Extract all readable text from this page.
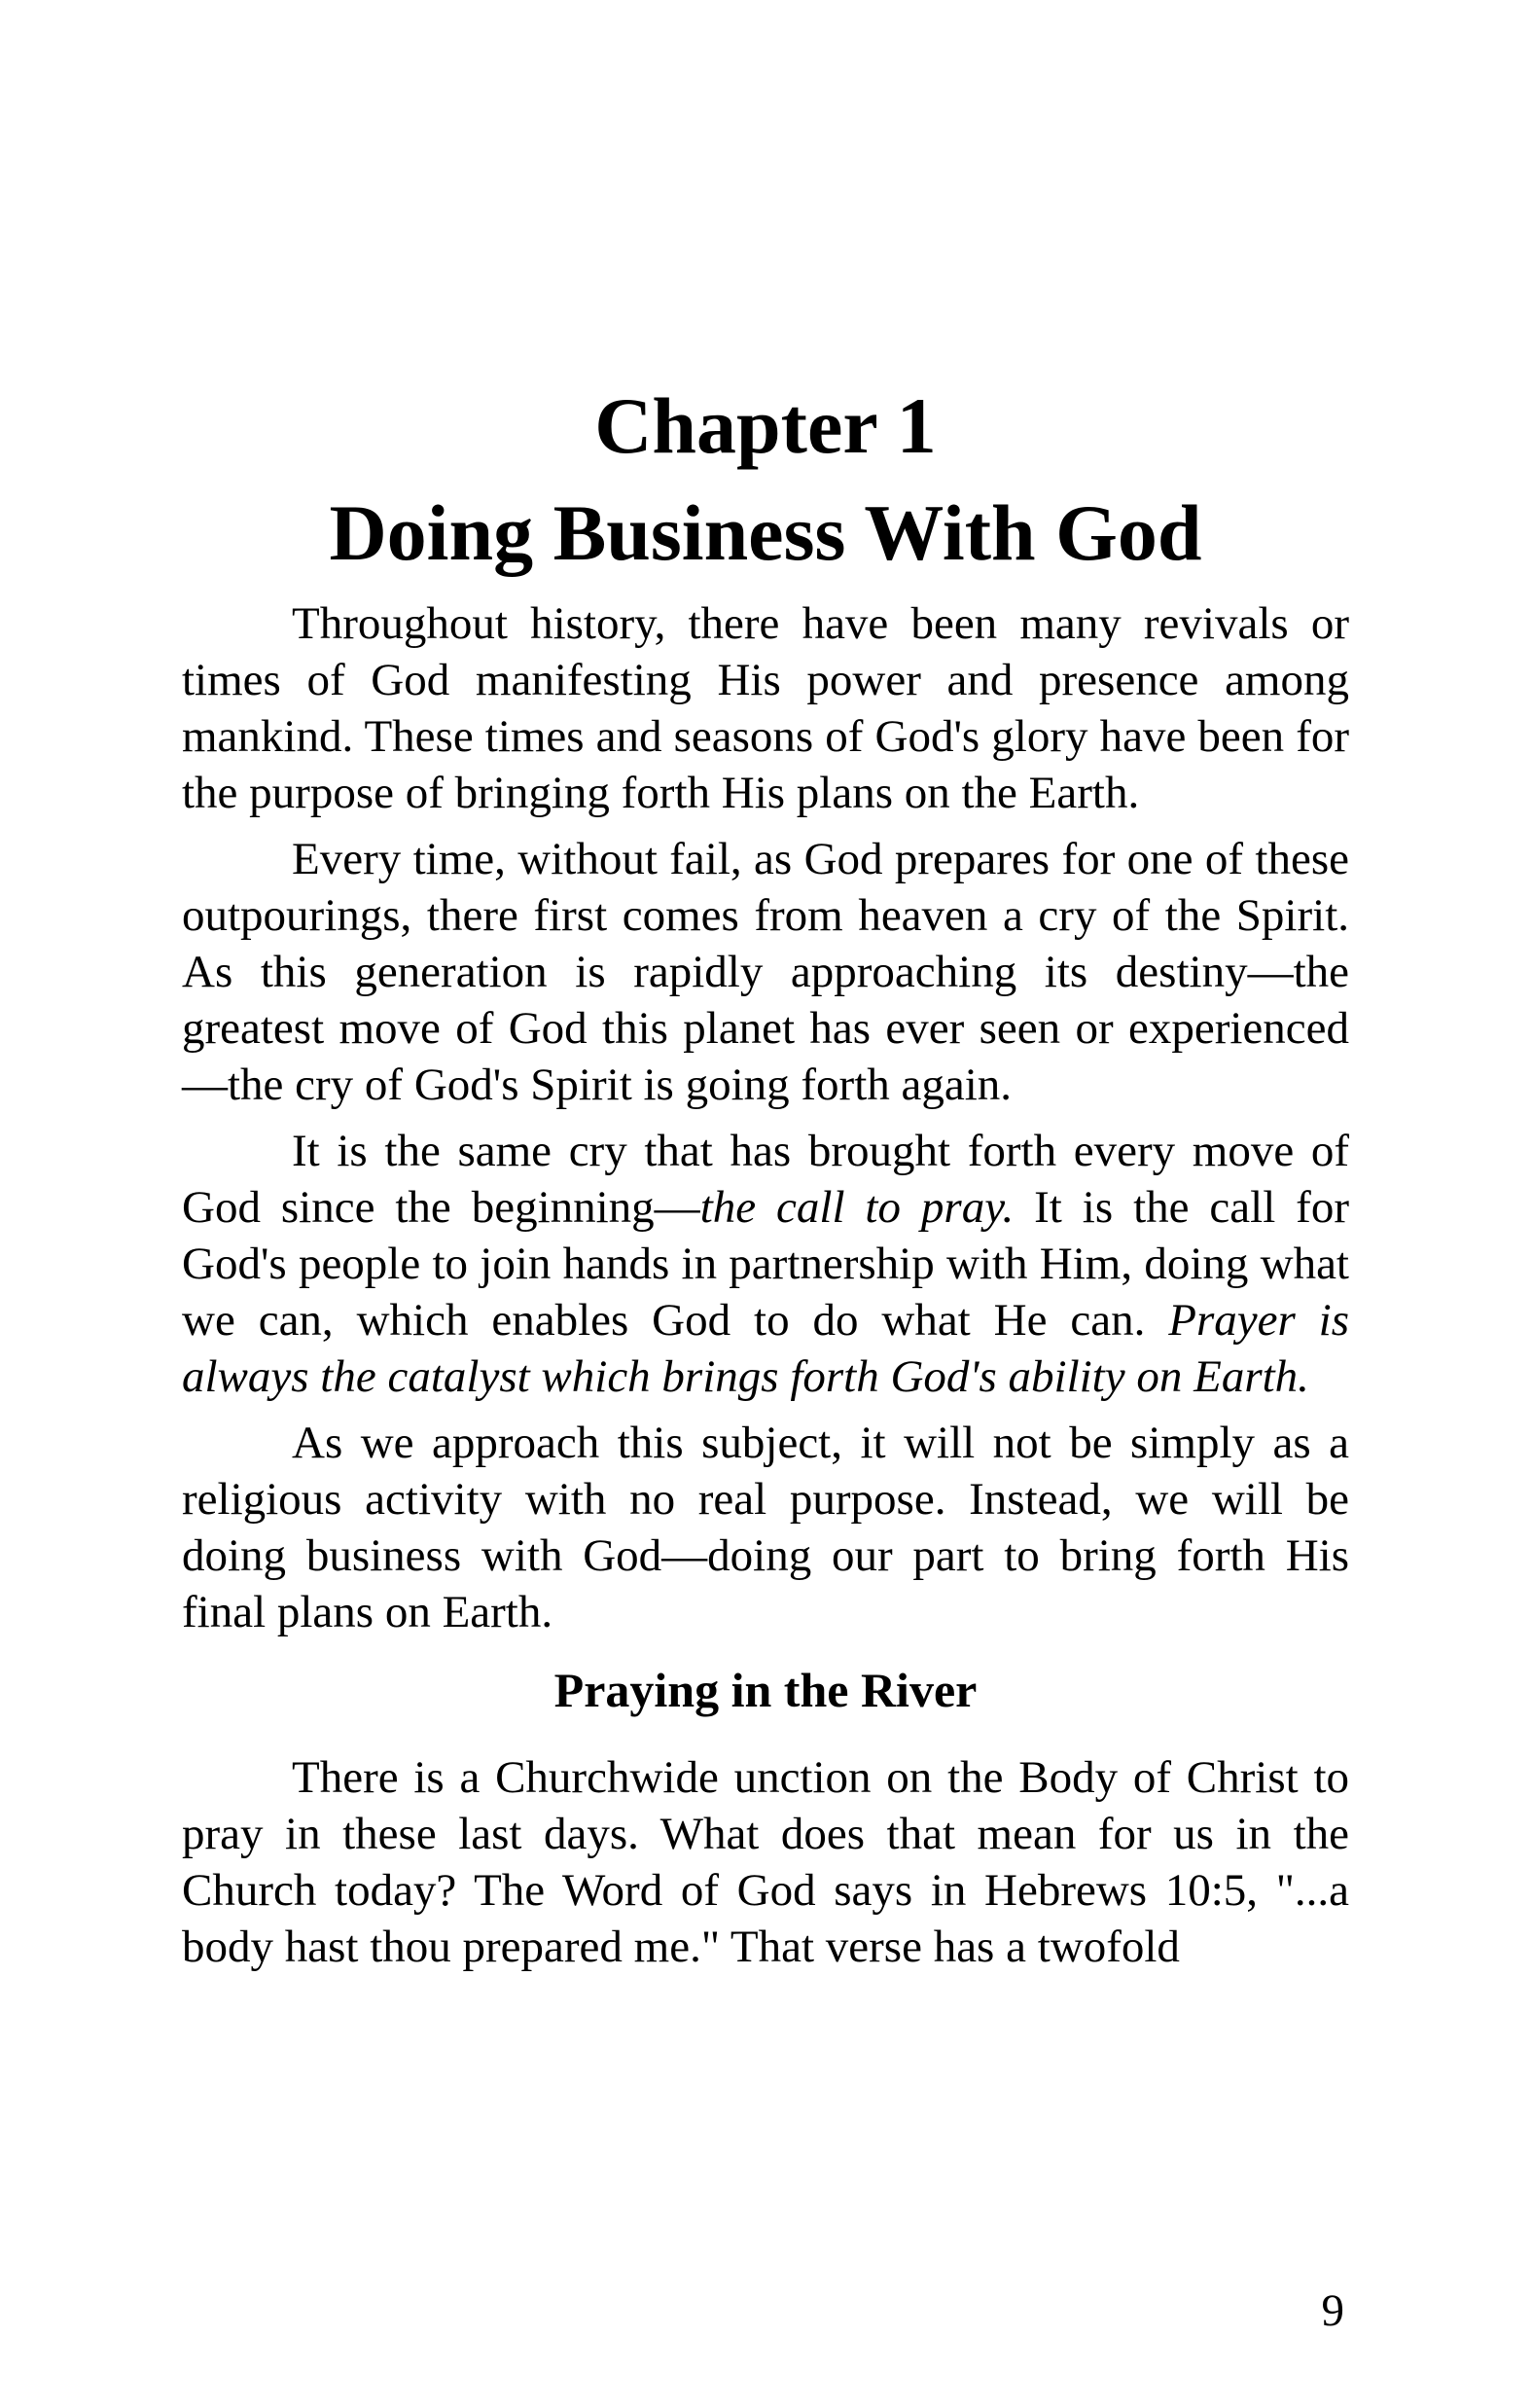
Chapter 1
Doing Business With God

Throughout history, there have been many revivals or times of God manifesting His power and presence among mankind. These times and seasons of God's glory have been for the purpose of bringing forth His plans on the Earth.

Every time, without fail, as God prepares for one of these outpourings, there first comes from heaven a cry of the Spirit. As this generation is rapidly approaching its destiny—the greatest move of God this planet has ever seen or experienced—the cry of God's Spirit is going forth again.

It is the same cry that has brought forth every move of God since the beginning—the call to pray. It is the call for God's people to join hands in partnership with Him, doing what we can, which enables God to do what He can. Prayer is always the catalyst which brings forth God's ability on Earth.

As we approach this subject, it will not be simply as a religious activity with no real purpose. Instead, we will be doing business with God—doing our part to bring forth His final plans on Earth.

Praying in the River

There is a Churchwide unction on the Body of Christ to pray in these last days. What does that mean for us in the Church today? The Word of God says in Hebrews 10:5, "...a body hast thou prepared me." That verse has a twofold

9
